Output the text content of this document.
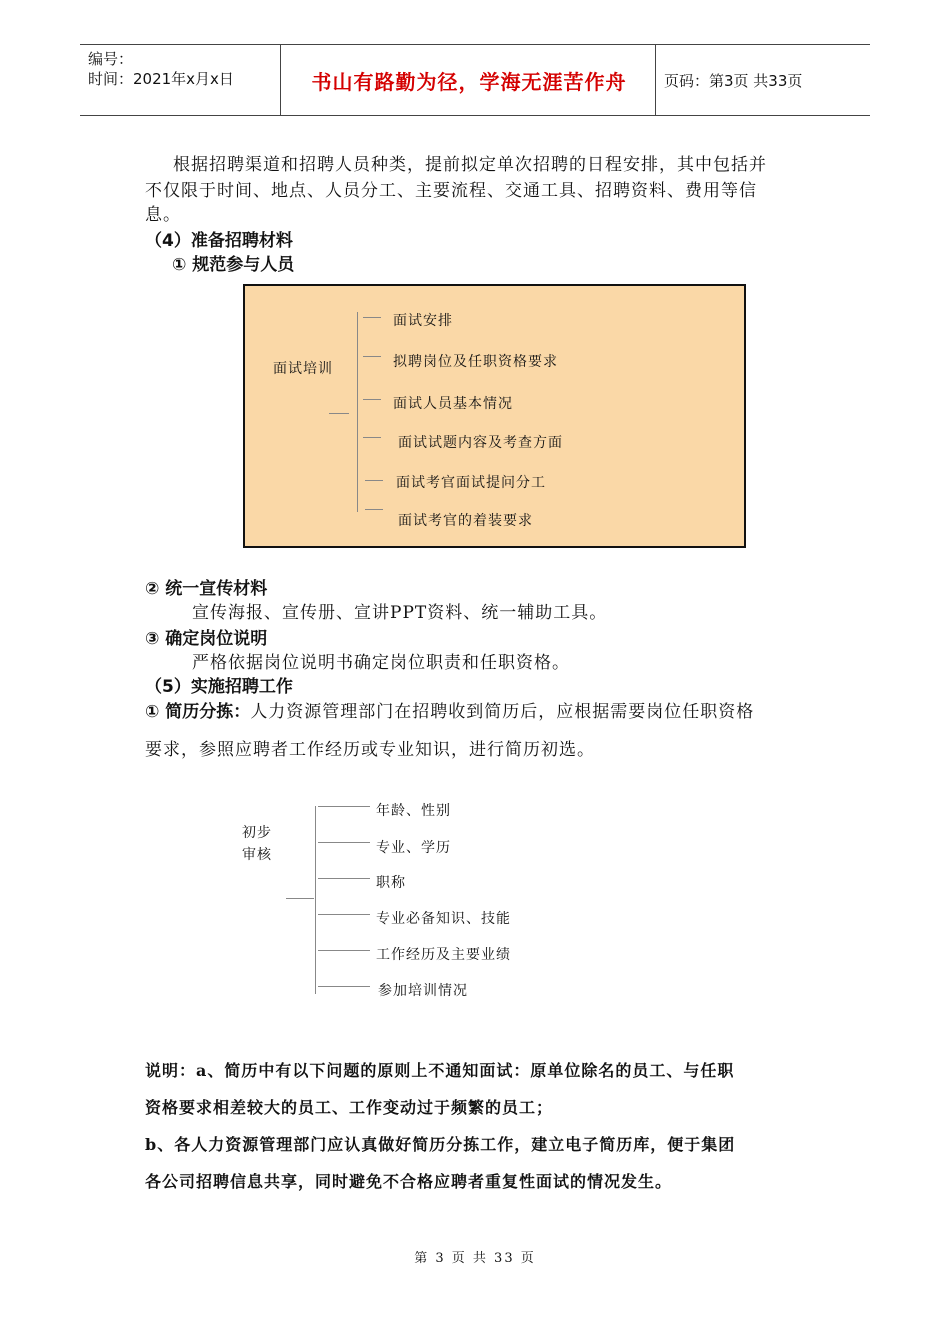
编号：
时间：2021年x月x日	书山有路勤为径，学海无涯苦作舟	页码：第3页 共33页
根据招聘渠道和招聘人员种类，提前拟定单次招聘的日程安排，其中包括并
不仅限于时间、地点、人员分工、主要流程、交通工具、招聘资料、费用等信
息。
（4）准备招聘材料
① 规范参与人员
面试培训
面试安排
拟聘岗位及任职资格要求
面试人员基本情况
面试试题内容及考查方面
面试考官面试提问分工
面试考官的着装要求
② 统一宣传材料
宣传海报、宣传册、宣讲PPT资料、统一辅助工具。
③ 确定岗位说明
严格依据岗位说明书确定岗位职责和任职资格。
（5）实施招聘工作
① 简历分拣：人力资源管理部门在招聘收到简历后，应根据需要岗位任职资格
要求，参照应聘者工作经历或专业知识，进行简历初选。
初步
审核
年龄、性别
专业、学历
职称
专业必备知识、技能
工作经历及主要业绩
参加培训情况
说明：a、简历中有以下问题的原则上不通知面试：原单位除名的员工、与任职
资格要求相差较大的员工、工作变动过于频繁的员工；
b、各人力资源管理部门应认真做好简历分拣工作，建立电子简历库，便于集团
各公司招聘信息共享，同时避免不合格应聘者重复性面试的情况发生。
第 3 页 共 33 页
